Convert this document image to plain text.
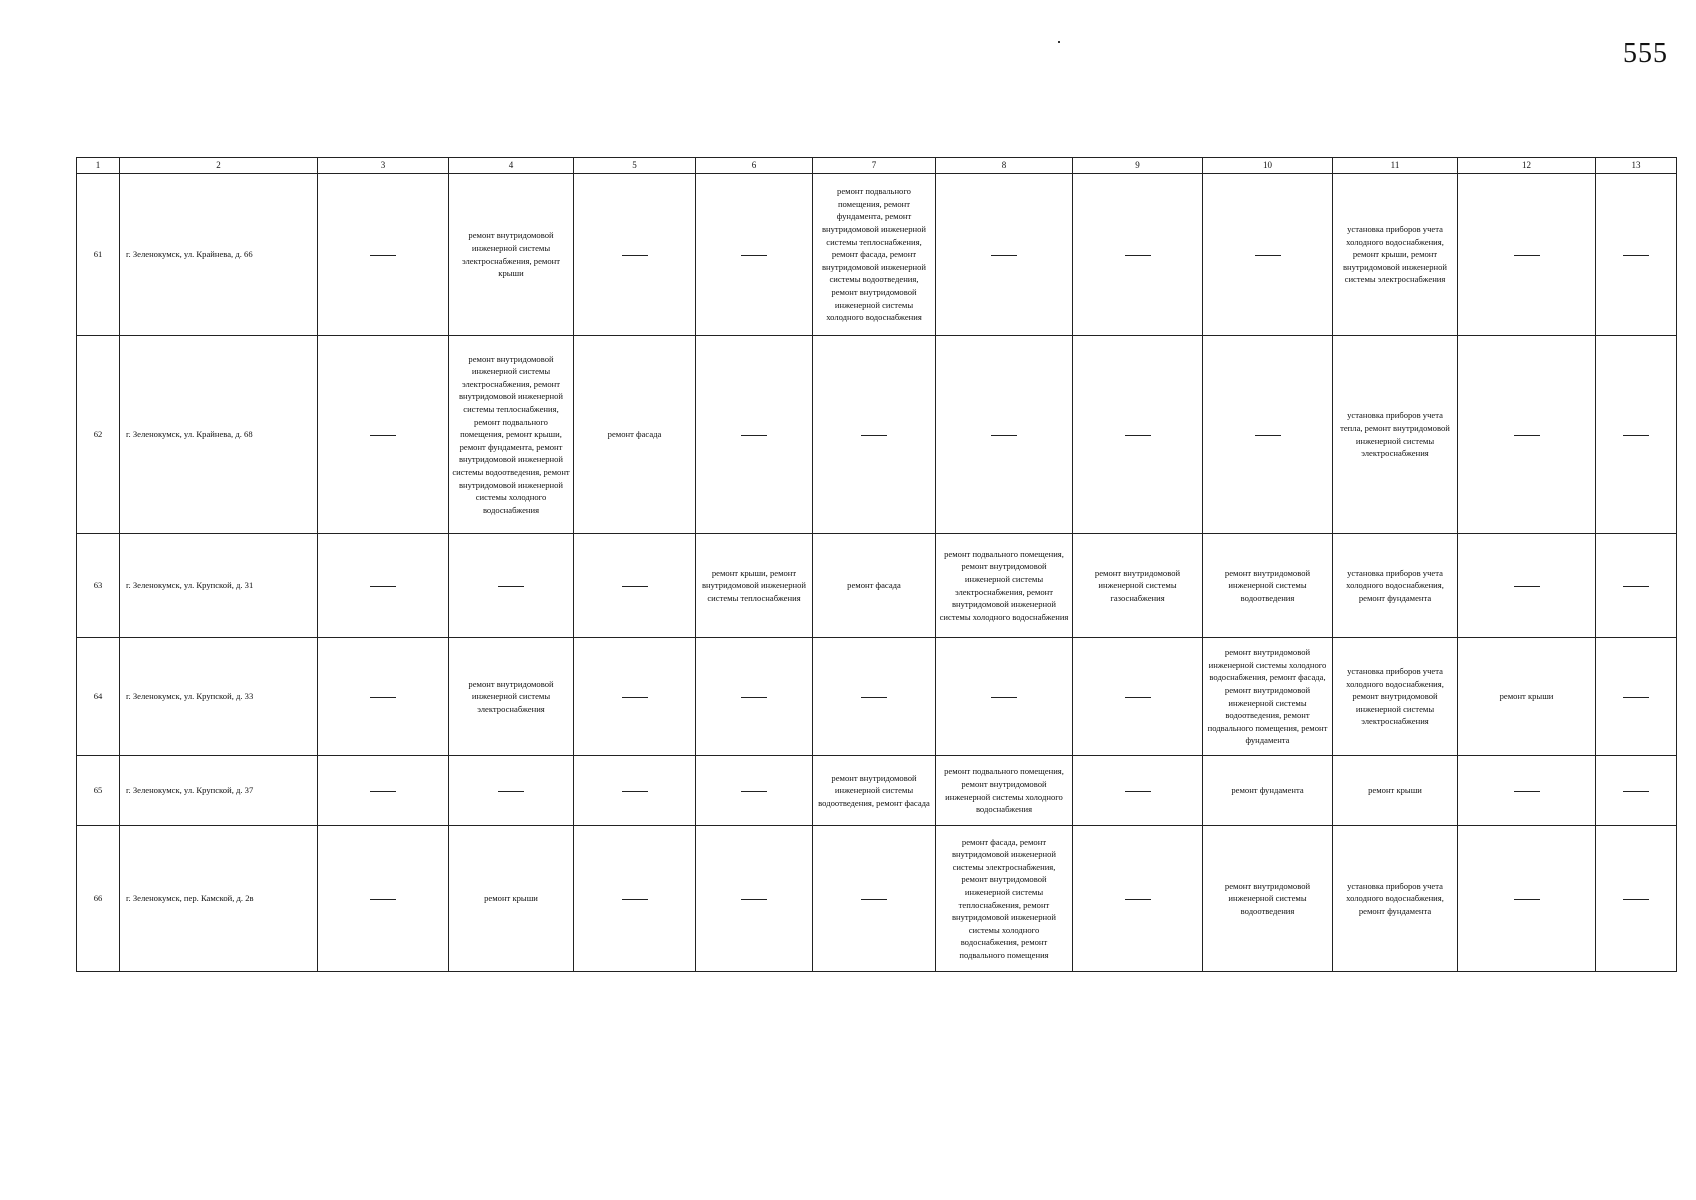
555
1	2	3	4	5	6	7	8	9	10	11	12	13
61	г. Зеленокумск, ул. Крайнева, д. 66		ремонт внутридомовой инженерной системы электроснабжения, ремонт крыши			ремонт подвального помещения, ремонт фундамента, ремонт внутридомовой инженерной системы теплоснабжения, ремонт фасада, ремонт внутридомовой инженерной системы водоотведения, ремонт внутридомовой инженерной системы холодного водоснабжения				установка приборов учета холодного водоснабжения, ремонт крыши, ремонт внутридомовой инженерной системы электроснабжения		
62	г. Зеленокумск, ул. Крайнева, д. 68		ремонт внутридомовой инженерной системы электроснабжения, ремонт внутридомовой инженерной системы теплоснабжения, ремонт подвального помещения, ремонт крыши, ремонт фундамента, ремонт внутридомовой инженерной системы водоотведения, ремонт внутридомовой инженерной системы холодного водоснабжения	ремонт фасада						установка приборов учета тепла, ремонт внутридомовой инженерной системы электроснабжения		
63	г. Зеленокумск, ул. Крупской, д. 31				ремонт крыши, ремонт внутридомовой инженерной системы теплоснабжения	ремонт фасада	ремонт подвального помещения, ремонт внутридомовой инженерной системы электроснабжения, ремонт внутридомовой инженерной системы холодного водоснабжения	ремонт внутридомовой инженерной системы газоснабжения	ремонт внутридомовой инженерной системы водоотведения	установка приборов учета холодного водоснабжения, ремонт фундамента		
64	г. Зеленокумск, ул. Крупской, д. 33		ремонт внутридомовой инженерной системы электроснабжения						ремонт внутридомовой инженерной системы холодного водоснабжения, ремонт фасада, ремонт внутридомовой инженерной системы водоотведения, ремонт подвального помещения, ремонт фундамента	установка приборов учета холодного водоснабжения, ремонт внутридомовой инженерной системы электроснабжения	ремонт крыши	
65	г. Зеленокумск, ул. Крупской, д. 37					ремонт внутридомовой инженерной системы водоотведения, ремонт фасада	ремонт подвального помещения, ремонт внутридомовой инженерной системы холодного водоснабжения		ремонт фундамента	ремонт крыши		
66	г. Зеленокумск, пер. Камской, д. 2в		ремонт крыши				ремонт фасада, ремонт внутридомовой инженерной системы электроснабжения, ремонт внутридомовой инженерной системы теплоснабжения, ремонт внутридомовой инженерной системы холодного водоснабжения, ремонт подвального помещения		ремонт внутридомовой инженерной системы водоотведения	установка приборов учета холодного водоснабжения, ремонт фундамента		
